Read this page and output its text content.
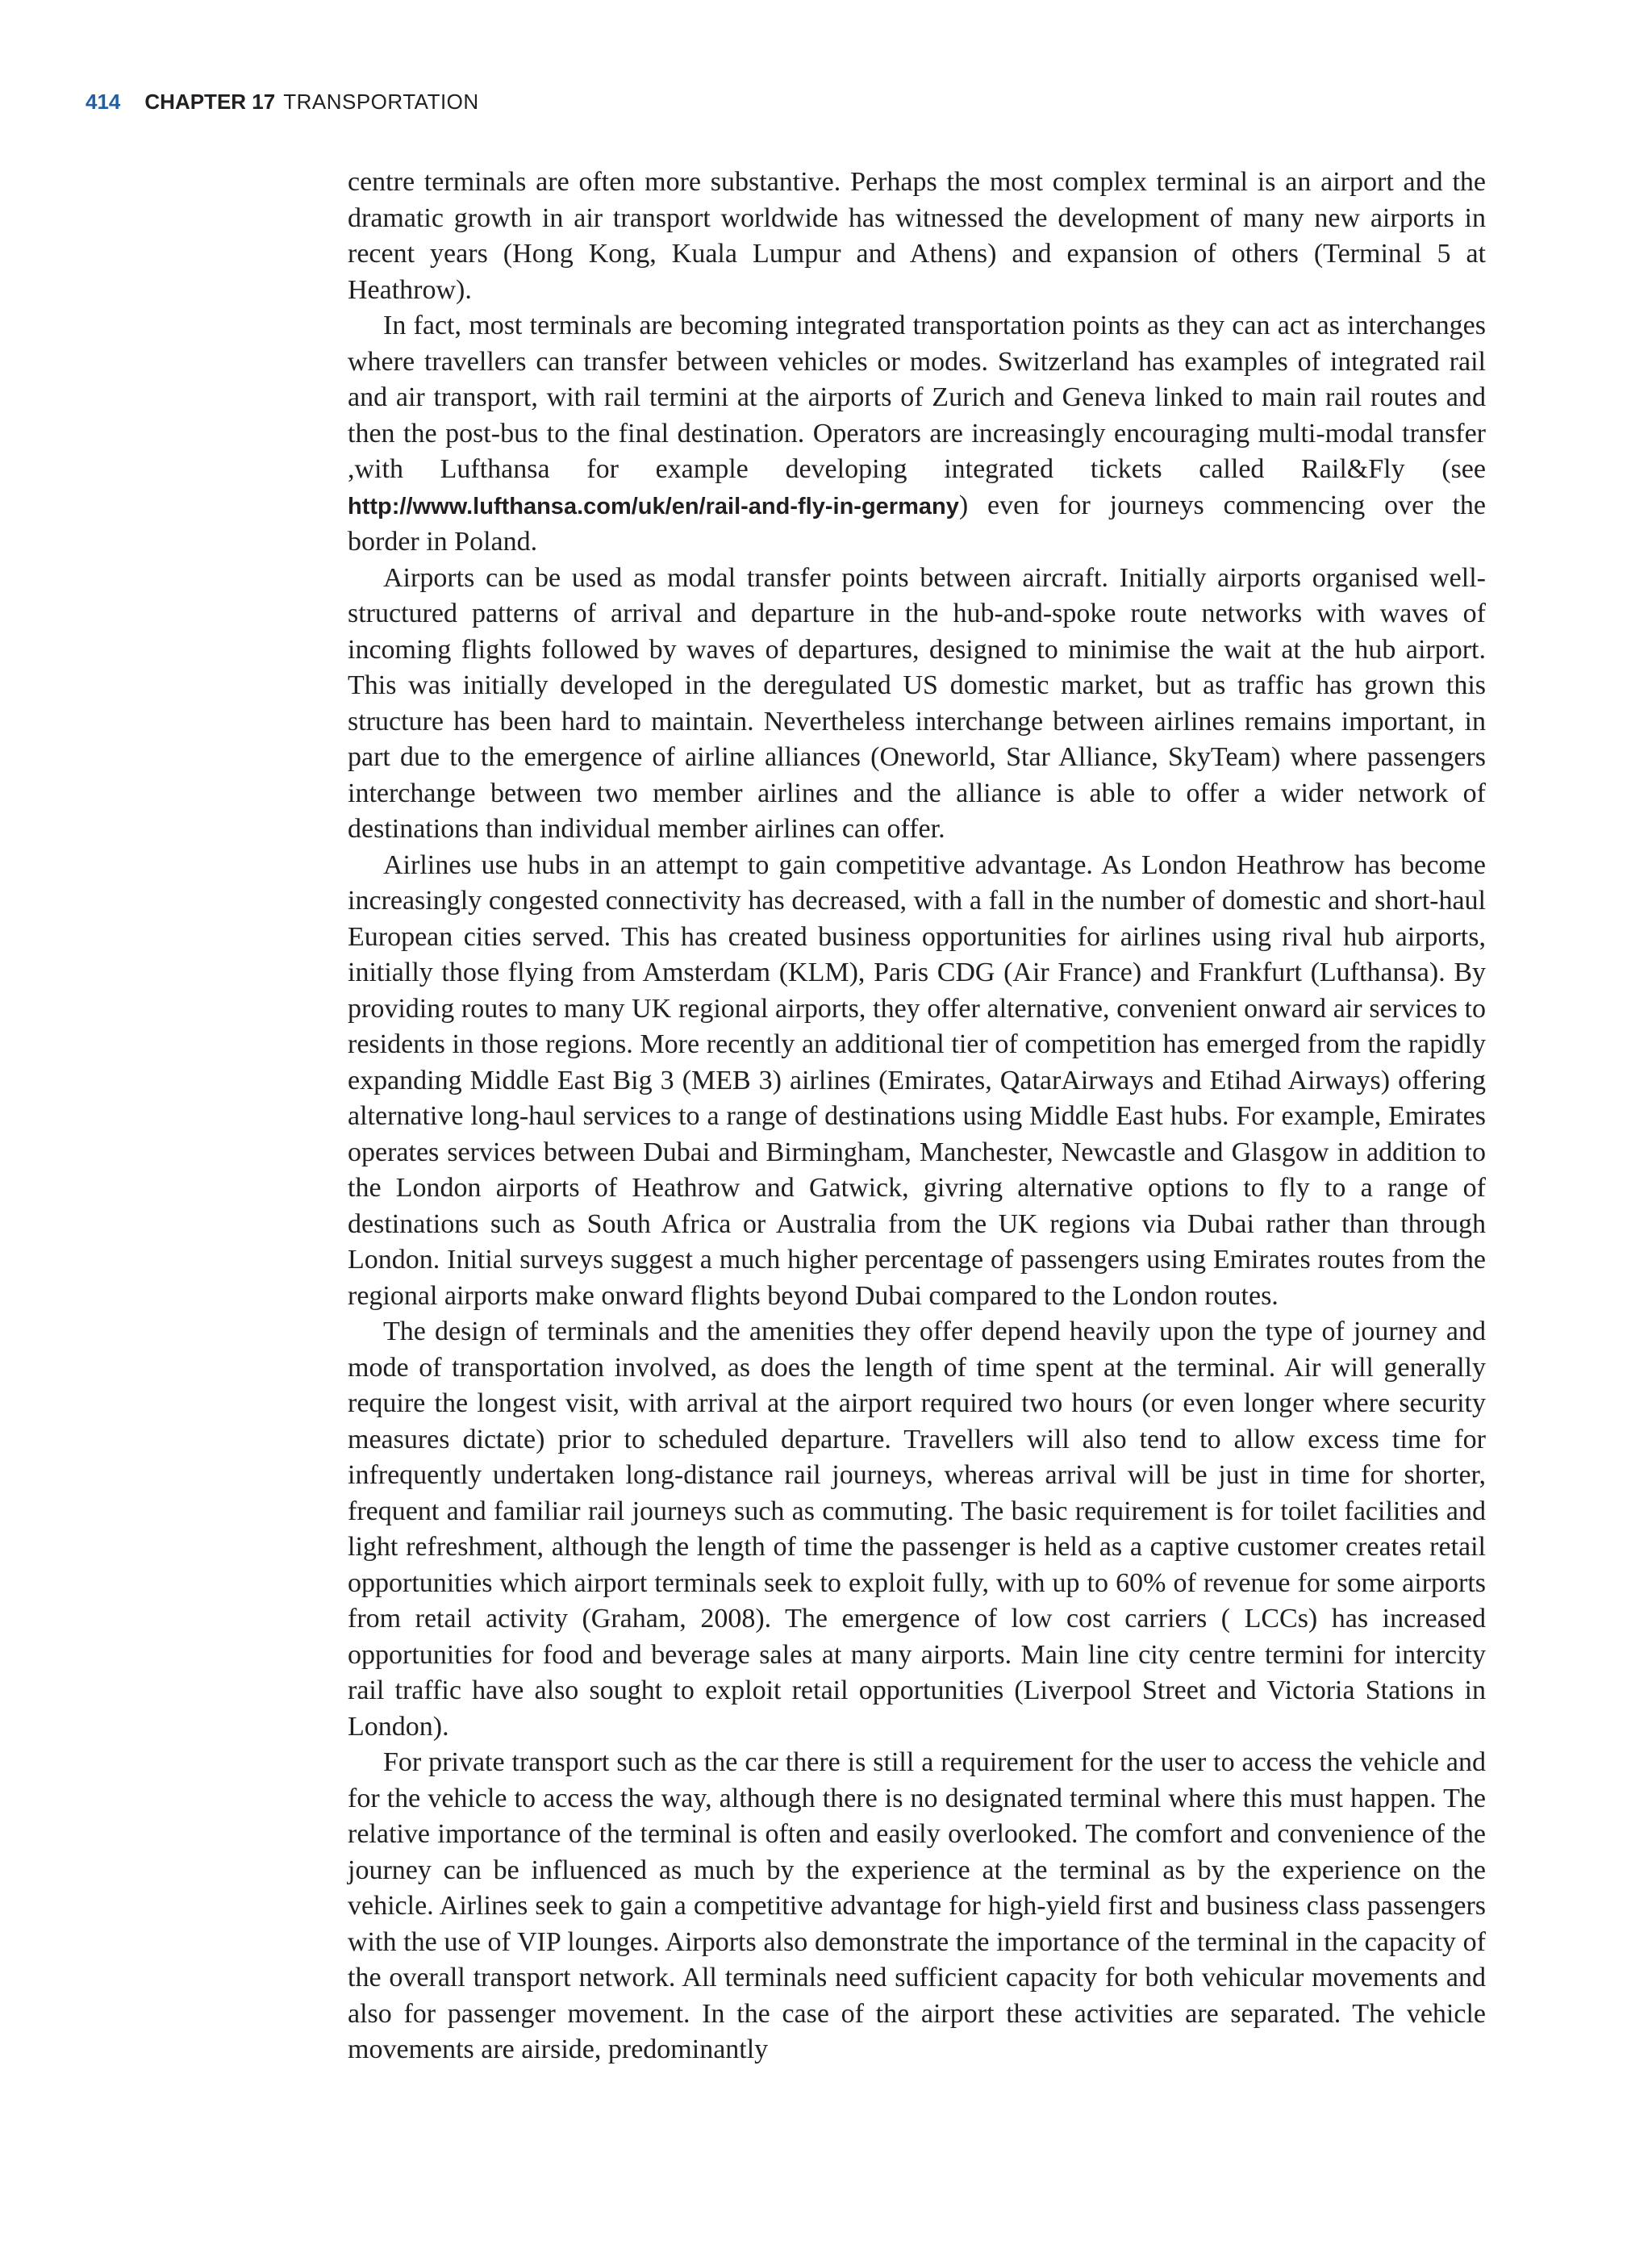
414 CHAPTER 17 TRANSPORTATION

centre terminals are often more substantive. Perhaps the most complex terminal is an airport and the dramatic growth in air transport worldwide has witnessed the development of many new airports in recent years (Hong Kong, Kuala Lumpur and Athens) and expansion of others (Terminal 5 at Heathrow).

In fact, most terminals are becoming integrated transportation points as they can act as interchanges where travellers can transfer between vehicles or modes. Switzerland has examples of integrated rail and air transport, with rail termini at the airports of Zurich and Geneva linked to main rail routes and then the post-bus to the final destination. Operators are increasingly encouraging multi-modal transfer ,with Lufthansa for example developing integrated tickets called Rail&Fly (see http://www.lufthansa.com/uk/en/rail-and-fly-in-germany) even for journeys commencing over the border in Poland.

Airports can be used as modal transfer points between aircraft. Initially airports organised well-structured patterns of arrival and departure in the hub-and-spoke route networks with waves of incoming flights followed by waves of departures, designed to minimise the wait at the hub airport. This was initially developed in the deregulated US domestic market, but as traffic has grown this structure has been hard to maintain. Nevertheless interchange between airlines remains important, in part due to the emergence of airline alliances (Oneworld, Star Alliance, SkyTeam) where passengers interchange between two member airlines and the alliance is able to offer a wider network of destinations than individual member airlines can offer.

Airlines use hubs in an attempt to gain competitive advantage. As London Heathrow has become increasingly congested connectivity has decreased, with a fall in the number of domestic and short-haul European cities served. This has created business opportunities for airlines using rival hub airports, initially those flying from Amsterdam (KLM), Paris CDG (Air France) and Frankfurt (Lufthansa). By providing routes to many UK regional airports, they offer alternative, convenient onward air services to residents in those regions. More recently an additional tier of competition has emerged from the rapidly expanding Middle East Big 3 (MEB 3) airlines (Emirates, QatarAirways and Etihad Airways) offering alternative long-haul services to a range of destinations using Middle East hubs. For example, Emirates operates services between Dubai and Birmingham, Manchester, Newcastle and Glasgow in addition to the London airports of Heathrow and Gatwick, givring alternative options to fly to a range of destinations such as South Africa or Australia from the UK regions via Dubai rather than through London. Initial surveys suggest a much higher percentage of passengers using Emirates routes from the regional airports make onward flights beyond Dubai compared to the London routes.

The design of terminals and the amenities they offer depend heavily upon the type of journey and mode of transportation involved, as does the length of time spent at the terminal. Air will generally require the longest visit, with arrival at the airport required two hours (or even longer where security measures dictate) prior to scheduled departure. Travellers will also tend to allow excess time for infrequently undertaken long-distance rail journeys, whereas arrival will be just in time for shorter, frequent and familiar rail journeys such as commuting. The basic requirement is for toilet facilities and light refreshment, although the length of time the passenger is held as a captive customer creates retail opportunities which airport terminals seek to exploit fully, with up to 60% of revenue for some airports from retail activity (Graham, 2008). The emergence of low cost carriers ( LCCs) has increased opportunities for food and beverage sales at many airports. Main line city centre termini for intercity rail traffic have also sought to exploit retail opportunities (Liverpool Street and Victoria Stations in London).

For private transport such as the car there is still a requirement for the user to access the vehicle and for the vehicle to access the way, although there is no designated terminal where this must happen. The relative importance of the terminal is often and easily overlooked. The comfort and convenience of the journey can be influenced as much by the experience at the terminal as by the experience on the vehicle. Airlines seek to gain a competitive advantage for high-yield first and business class passengers with the use of VIP lounges. Airports also demonstrate the importance of the terminal in the capacity of the overall transport network. All terminals need sufficient capacity for both vehicular movements and also for passenger movement. In the case of the airport these activities are separated. The vehicle movements are airside, predominantly
